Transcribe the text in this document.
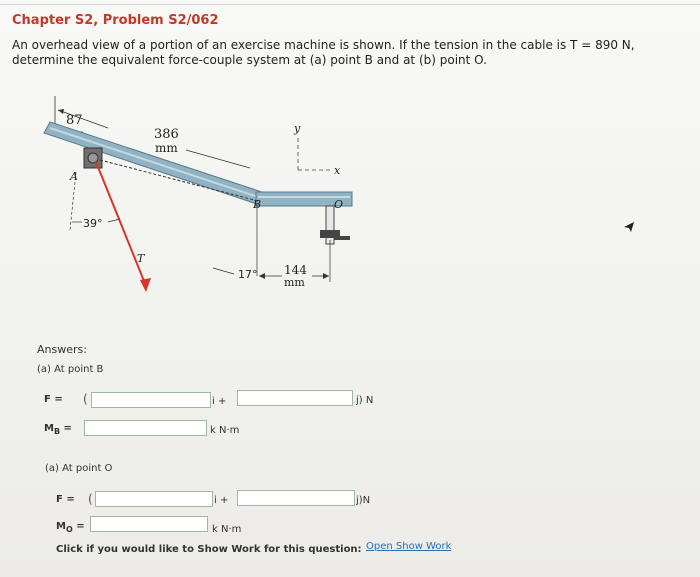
Chapter S2, Problem S2/062
An overhead view of a portion of an exercise machine is shown. If the tension in the cable is T = 890 N, determine the equivalent force-couple system at (a) point B and at (b) point O.
87
386
mm
A
T
39°
B	O
17° 144
mm
y
x
Answers:
(a) At point B
F = (	i +	j) N
$M_B$ =	k N·m
(a) At point O
F = (	i +	j)N
$M_O$ =	k N·m
Click if you would like to Show Work for this question: Open Show Work
